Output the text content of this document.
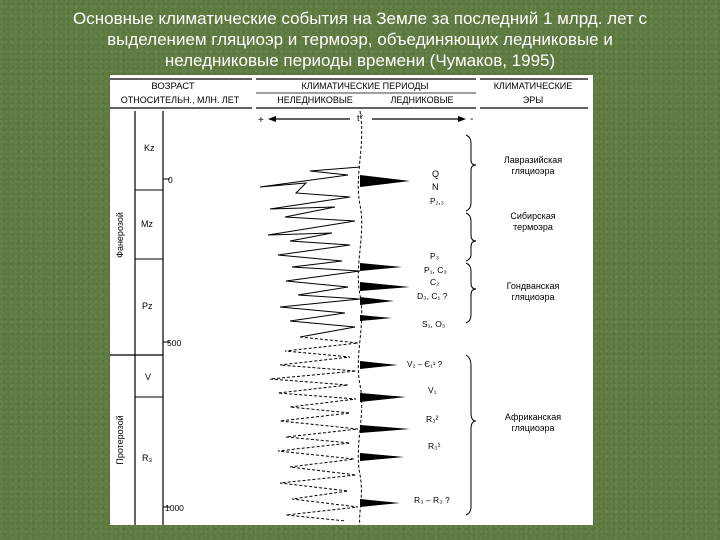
Основные климатические события на Земле за последний 1 млрд. лет с
выделением гляциоэр и термоэр, объединяющих ледниковые и
неледниковые периоды времени (Чумаков, 1995)
ВОЗРАСТ
ОТНОСИТЕЛЬН., МЛН. ЛЕТ
КЛИМАТИЧЕСКИЕ ПЕРИОДЫ
НЕЛЕДНИКОВЫЕ	ЛЕДНИКОВЫЕ
КЛИМАТИЧЕСКИЕ
ЭРЫ
+	t°	-
Фанерозой
Протерозой
Kz
Mz
Pz
V
R₃
0
500
1000
Q
N
P₂,₃
P₃
P₁, C₃
C₂
D₃, C₁ ?
S₁, O₃
V₂ – Є₁¹ ?
V₁
R₃²
R₃¹
R₃ – R₃ ?
Лавразийская
гляциоэра
Сибирская
термоэра
Гондванская
гляциоэра
Африканская
гляциоэра
